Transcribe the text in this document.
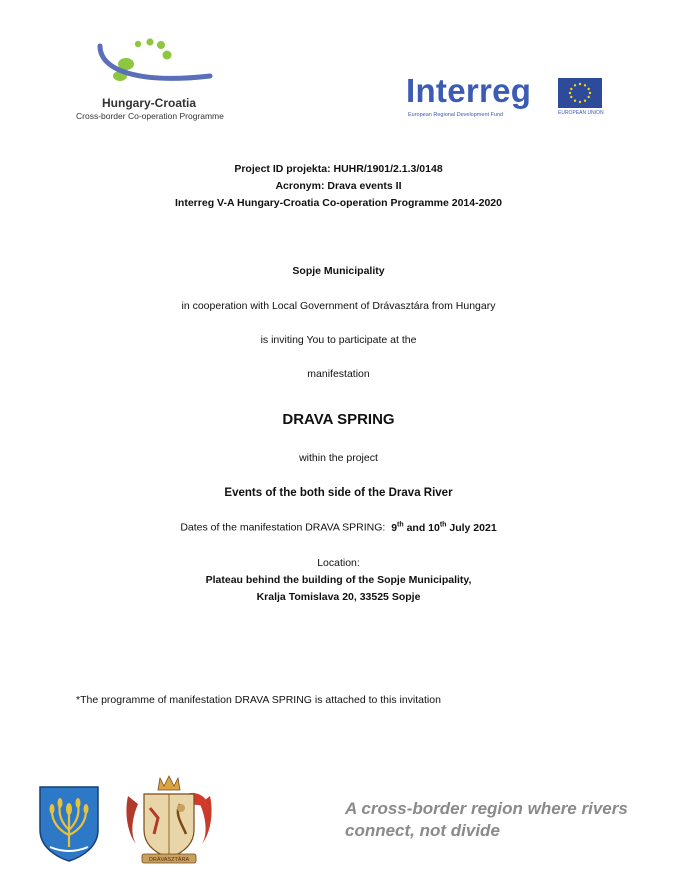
Hungary-Croatia
Cross-border Co-operation Programme
Interreg
European Regional Development Fund	EUROPEAN UNION
Project ID projekta: HUHR/1901/2.1.3/0148
Acronym: Drava events II
Interreg V-A Hungary-Croatia Co-operation Programme 2014-2020
Sopje Municipality
in cooperation with Local Government of Drávasztára from Hungary
is inviting You to participate at the
manifestation
DRAVA SPRING
within the project
Events of the both side of the Drava River
Dates of the manifestation DRAVA SPRING: 9th and 10th July 2021
Location:
Plateau behind the building of the Sopje Municipality,
Kralja Tomislava 20, 33525 Sopje
*The programme of manifestation DRAVA SPRING is attached to this invitation
DRÁVASZTÁRA
A cross-border region where rivers
connect, not divide
